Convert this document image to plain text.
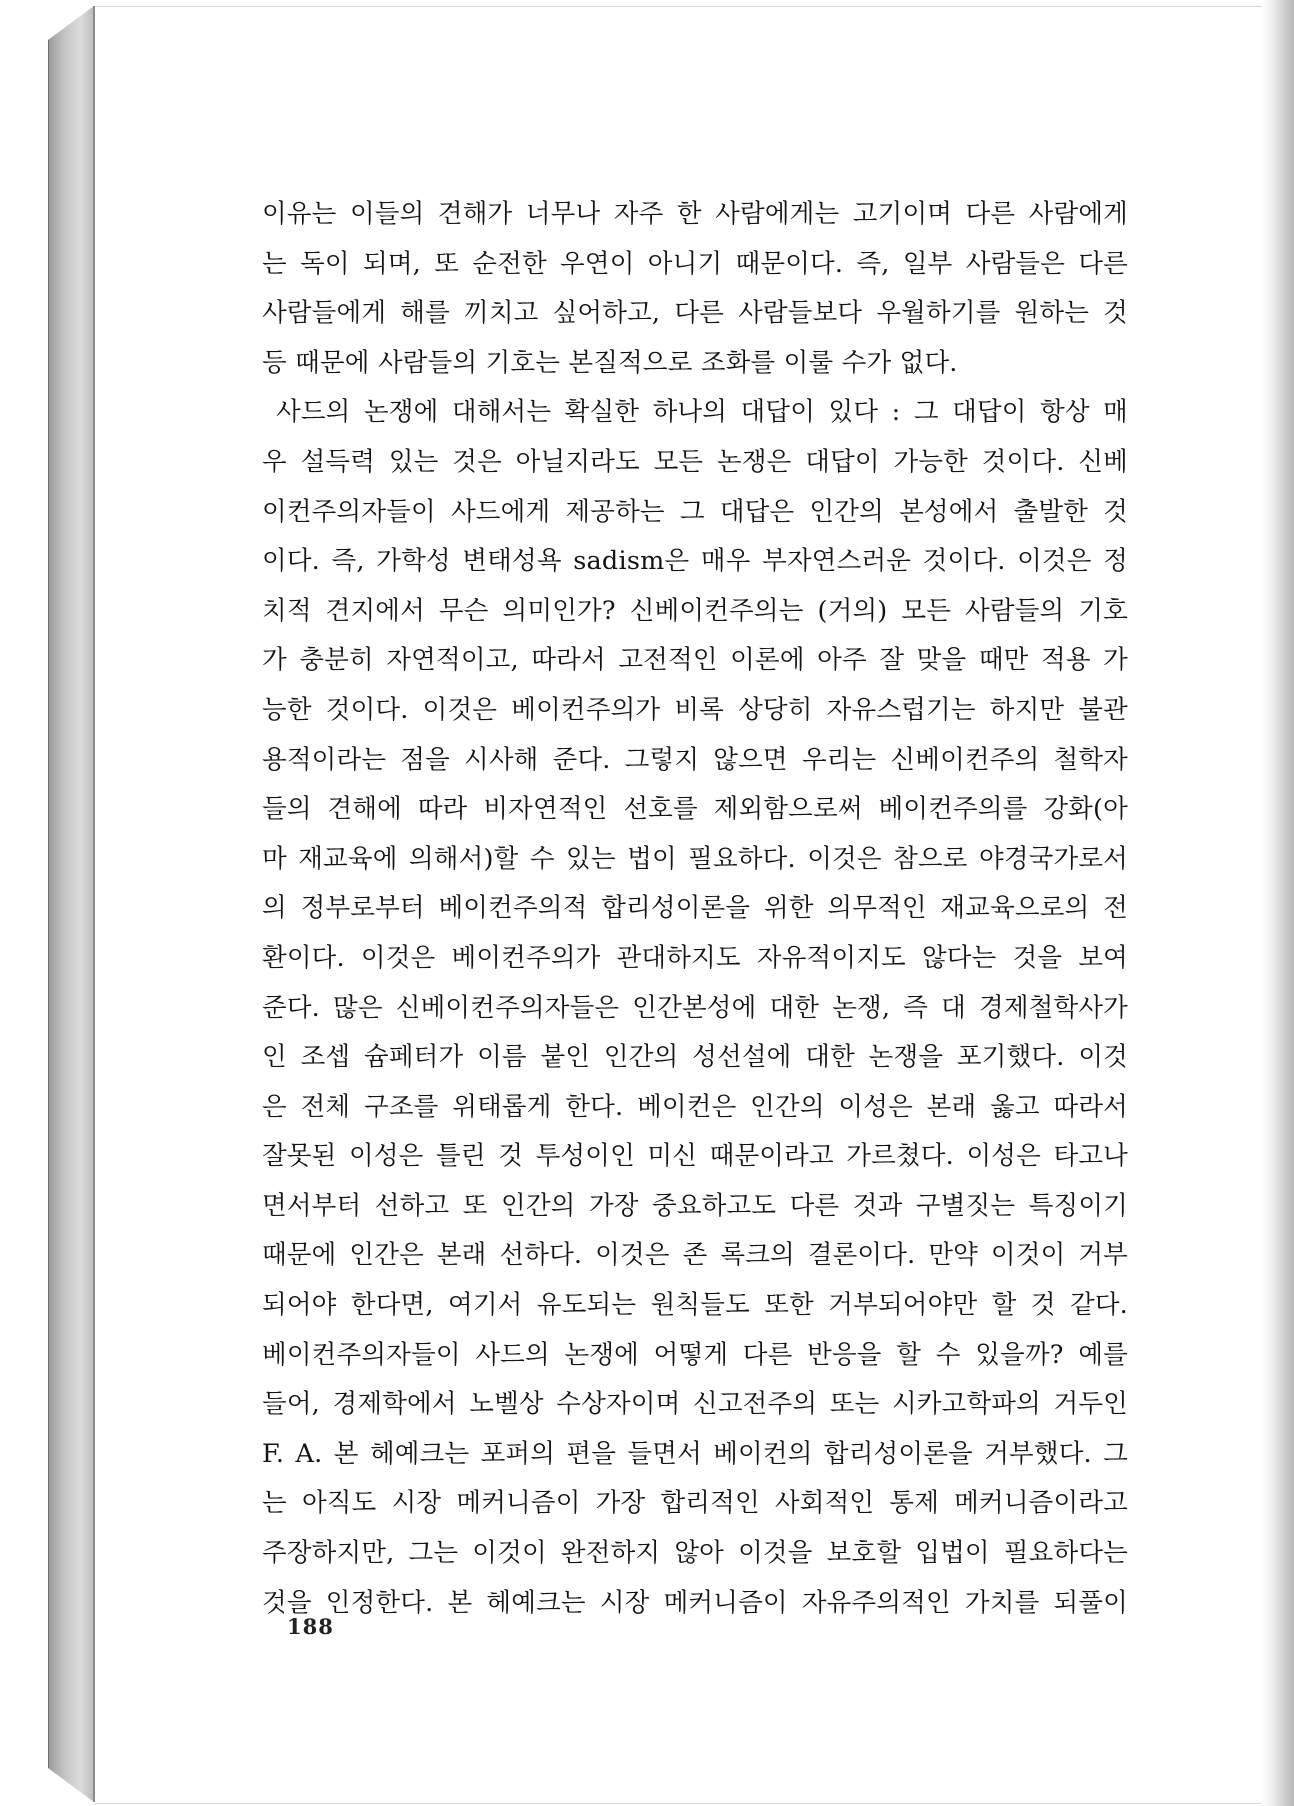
이유는 이들의 견해가 너무나 자주 한 사람에게는 고기이며 다른 사람에게
는 독이 되며, 또 순전한 우연이 아니기 때문이다. 즉, 일부 사람들은 다른
사람들에게 해를 끼치고 싶어하고, 다른 사람들보다 우월하기를 원하는 것
등 때문에 사람들의 기호는 본질적으로 조화를 이룰 수가 없다.
사드의 논쟁에 대해서는 확실한 하나의 대답이 있다 : 그 대답이 항상 매
우 설득력 있는 것은 아닐지라도 모든 논쟁은 대답이 가능한 것이다. 신베
이컨주의자들이 사드에게 제공하는 그 대답은 인간의 본성에서 출발한 것
이다. 즉, 가학성 변태성욕 sadism은 매우 부자연스러운 것이다. 이것은 정
치적 견지에서 무슨 의미인가? 신베이컨주의는 (거의) 모든 사람들의 기호
가 충분히 자연적이고, 따라서 고전적인 이론에 아주 잘 맞을 때만 적용 가
능한 것이다. 이것은 베이컨주의가 비록 상당히 자유스럽기는 하지만 불관
용적이라는 점을 시사해 준다. 그렇지 않으면 우리는 신베이컨주의 철학자
들의 견해에 따라 비자연적인 선호를 제외함으로써 베이컨주의를 강화(아
마 재교육에 의해서)할 수 있는 법이 필요하다. 이것은 참으로 야경국가로서
의 정부로부터 베이컨주의적 합리성이론을 위한 의무적인 재교육으로의 전
환이다. 이것은 베이컨주의가 관대하지도 자유적이지도 않다는 것을 보여
준다. 많은 신베이컨주의자들은 인간본성에 대한 논쟁, 즉 대 경제철학사가
인 조셉 슘페터가 이름 붙인 인간의 성선설에 대한 논쟁을 포기했다. 이것
은 전체 구조를 위태롭게 한다. 베이컨은 인간의 이성은 본래 옳고 따라서
잘못된 이성은 틀린 것 투성이인 미신 때문이라고 가르쳤다. 이성은 타고나
면서부터 선하고 또 인간의 가장 중요하고도 다른 것과 구별짓는 특징이기
때문에 인간은 본래 선하다. 이것은 존 록크의 결론이다. 만약 이것이 거부
되어야 한다면, 여기서 유도되는 원칙들도 또한 거부되어야만 할 것 같다.
베이컨주의자들이 사드의 논쟁에 어떻게 다른 반응을 할 수 있을까? 예를
들어, 경제학에서 노벨상 수상자이며 신고전주의 또는 시카고학파의 거두인
F. A. 본 헤예크는 포퍼의 편을 들면서 베이컨의 합리성이론을 거부했다. 그
는 아직도 시장 메커니즘이 가장 합리적인 사회적인 통제 메커니즘이라고
주장하지만, 그는 이것이 완전하지 않아 이것을 보호할 입법이 필요하다는
것을 인정한다. 본 헤예크는 시장 메커니즘이 자유주의적인 가치를 되풀이
188
